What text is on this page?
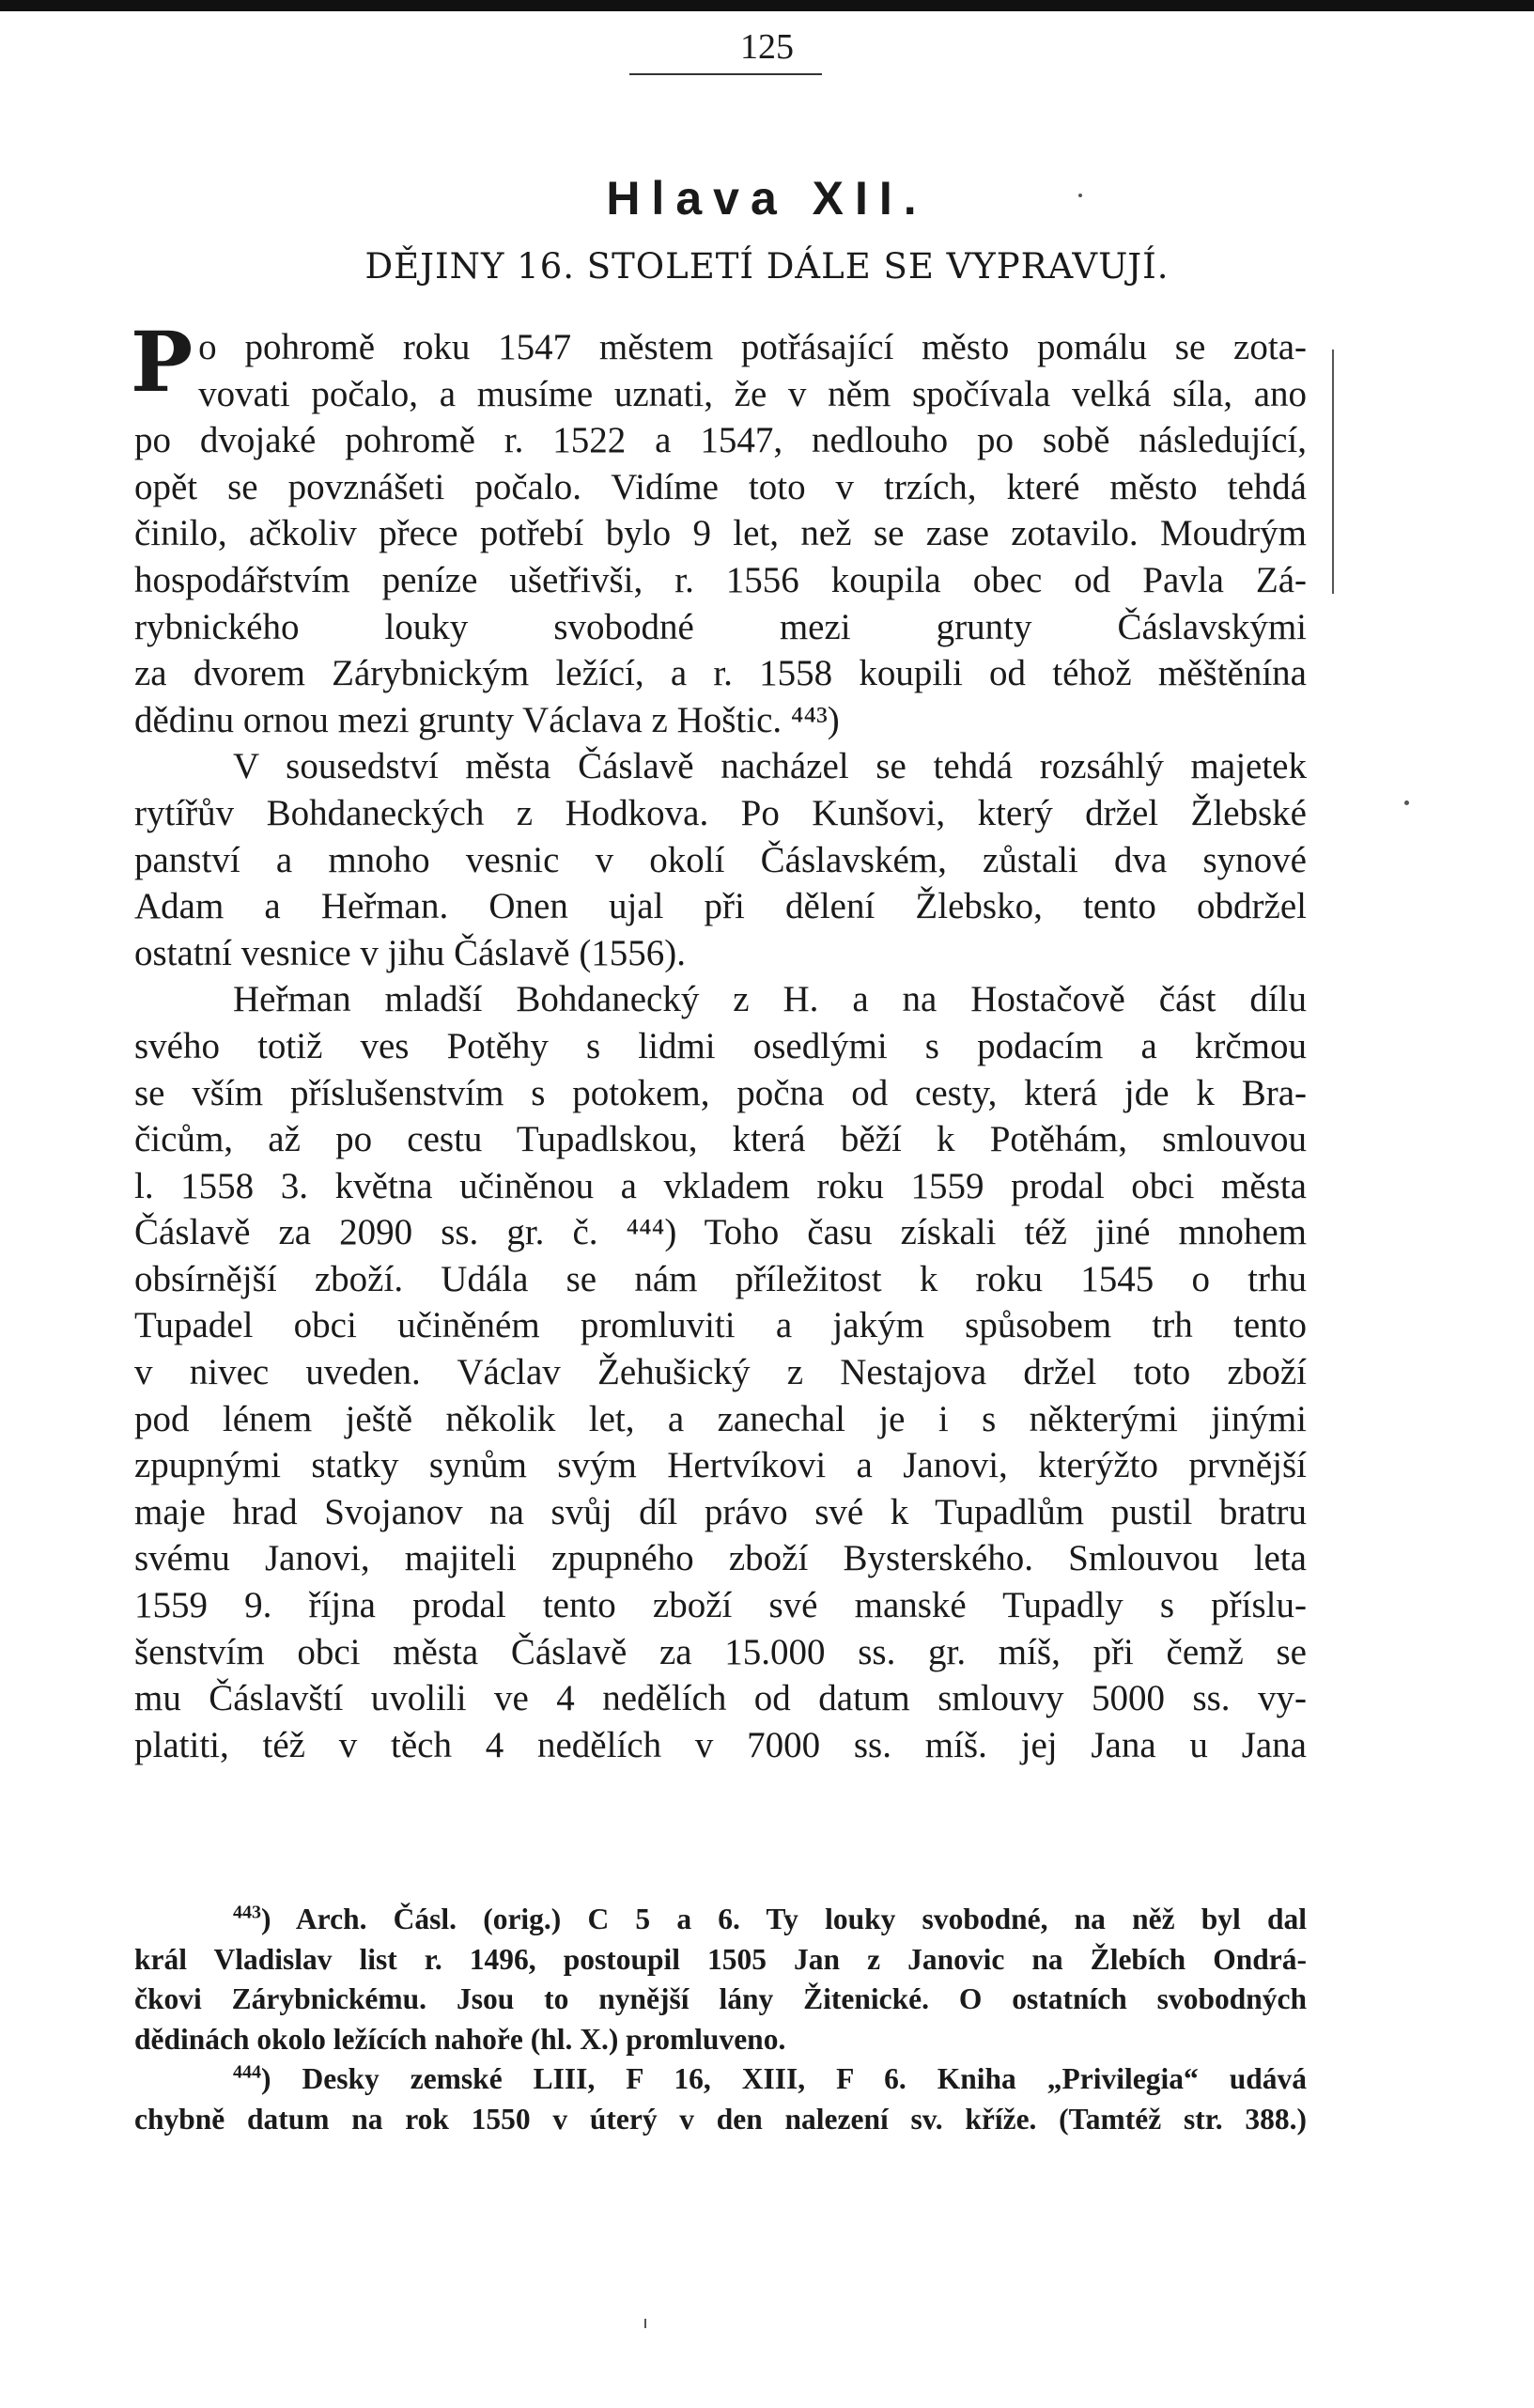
125
Hlava XII.
DĚJINY 16. STOLETÍ DÁLE SE VYPRAVUJÍ.
P o pohromě roku 1547 městem potřásající město pomálu se zota-
vovati počalo, a musíme uznati, že v něm spočívala velká síla, ano
po dvojaké pohromě r. 1522 a 1547, nedlouho po sobě následující,
opět se povznášeti počalo. Vidíme toto v trzích, které město tehdá
činilo, ačkoliv přece potřebí bylo 9 let, než se zase zotavilo. Moudrým
hospodářstvím peníze ušetřivši, r. 1556 koupila obec od Pavla Zá-
rybnického louky svobodné mezi grunty Čáslavskými
za dvorem Zárybnickým ležící, a r. 1558 koupili od téhož měštěnína
dědinu ornou mezi grunty Václava z Hoštic. ⁴⁴³)
V sousedství města Čáslavě nacházel se tehdá rozsáhlý majetek
rytířův Bohdaneckých z Hodkova. Po Kunšovi, který držel Žlebské
panství a mnoho vesnic v okolí Čáslavském, zůstali dva synové
Adam a Heřman. Onen ujal při dělení Žlebsko, tento obdržel
ostatní vesnice v jihu Čáslavě (1556).
Heřman mladší Bohdanecký z H. a na Hostačově část dílu
svého totiž ves Potěhy s lidmi osedlými s podacím a krčmou
se vším příslušenstvím s potokem, počna od cesty, která jde k Bra-
čicům, až po cestu Tupadlskou, která běží k Potěhám, smlouvou
l. 1558 3. května učiněnou a vkladem roku 1559 prodal obci města
Čáslavě za 2090 ss. gr. č. ⁴⁴⁴) Toho času získali též jiné mnohem
obsírnější zboží. Udála se nám příležitost k roku 1545 o trhu
Tupadel obci učiněném promluviti a jakým spůsobem trh tento
v nivec uveden. Václav Žehušický z Nestajova držel toto zboží
pod lénem ještě několik let, a zanechal je i s některými jinými
zpupnými statky synům svým Hertvíkovi a Janovi, kterýžto prvnější
maje hrad Svojanov na svůj díl právo své k Tupadlům pustil bratru
svému Janovi, majiteli zpupného zboží Bysterského. Smlouvou leta
1559 9. října prodal tento zboží své manské Tupadly s příslu-
šenstvím obci města Čáslavě za 15.000 ss. gr. míš, při čemž se
mu Čáslavští uvolili ve 4 nedělích od datum smlouvy 5000 ss. vy-
platiti, též v těch 4 nedělích v 7000 ss. míš. jej Jana u Jana
$^{443}$) Arch. Čásl. (orig.) C 5 a 6. Ty louky svobodné, na něž byl dal
král Vladislav list r. 1496, postoupil 1505 Jan z Janovic na Žlebích Ondrá-
čkovi Zárybnickému. Jsou to nynější lány Žitenické. O ostatních svobodných
dědinách okolo ležících nahoře (hl. X.) promluveno.
$^{444}$) Desky zemské LIII, F 16, XIII, F 6. Kniha „Privilegia“ udává
chybně datum na rok 1550 v úterý v den nalezení sv. kříže. (Tamtéž str. 388.)
